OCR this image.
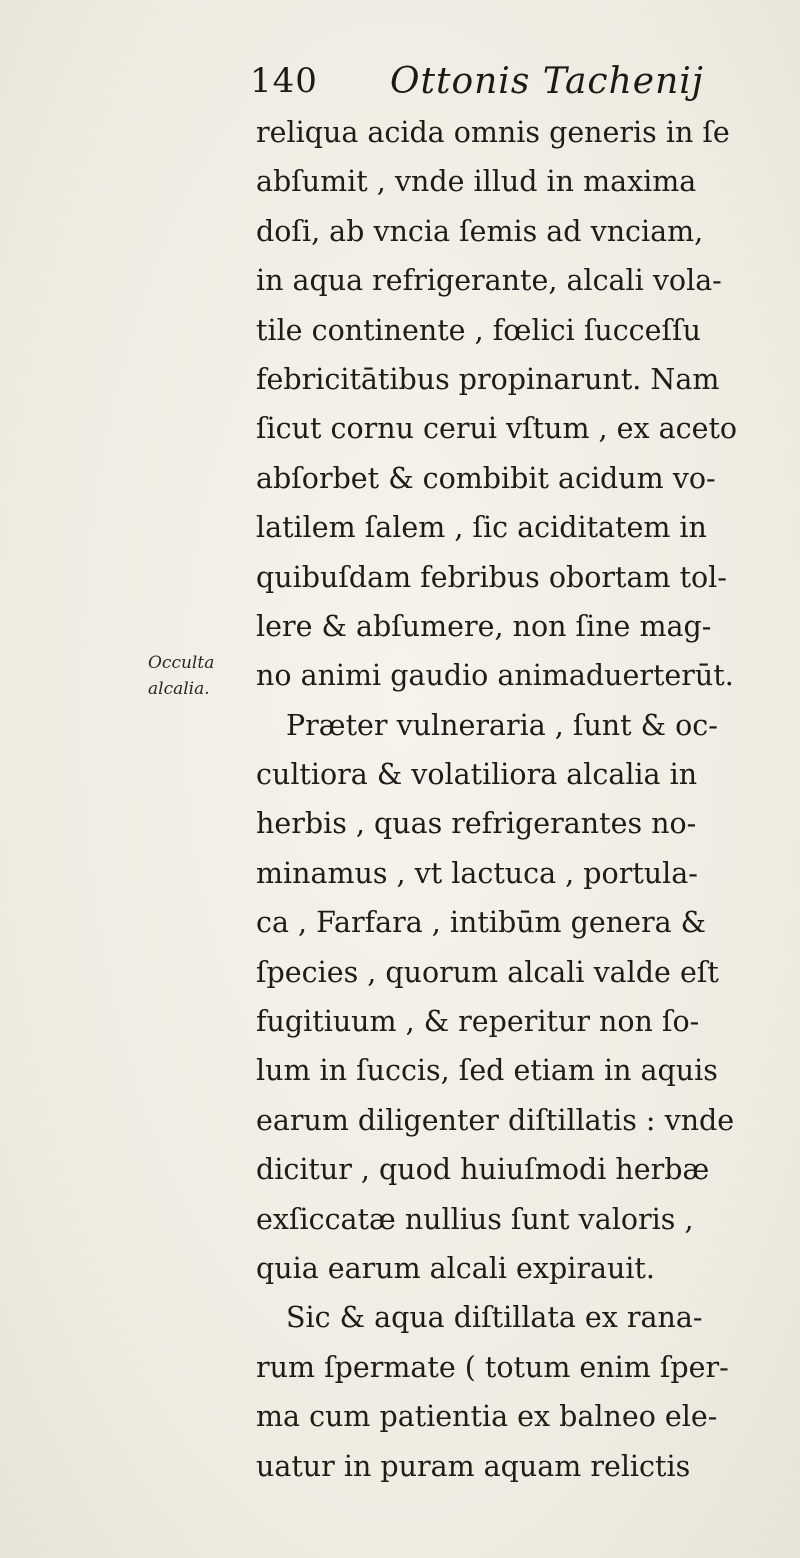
140 Ottonis Tachenij
Occulta
alcalia.
reliqua acida omnis generis in ſe
abſumit , vnde illud in maxima
doſi, ab vncia ſemis ad vnciam,
in aqua refrigerante, alcali vola-
tile continente , fœlici ſucceſſu
febricitātibus propinarunt. Nam
ſicut cornu cerui vſtum , ex aceto
abſorbet & combibit acidum vo-
latilem ſalem , ſic aciditatem in
quibuſdam febribus obortam tol-
lere & abſumere, non ſine mag-
no animi gaudio animaduerterūt.
Præter vulneraria , ſunt & oc-
cultiora & volatiliora alcalia in
herbis , quas refrigerantes no-
minamus , vt lactuca , portula-
ca , Farfara , intibūm genera &
ſpecies , quorum alcali valde eſt
fugitiuum , & reperitur non ſo-
lum in ſuccis, ſed etiam in aquis
earum diligenter diſtillatis : vnde
dicitur , quod huiuſmodi herbæ
exſiccatæ nullius ſunt valoris ,
quia earum alcali expirauit.
Sic & aqua diſtillata ex rana-
rum ſpermate ( totum enim ſper-
ma cum patientia ex balneo ele-
uatur in puram aquam relictis
